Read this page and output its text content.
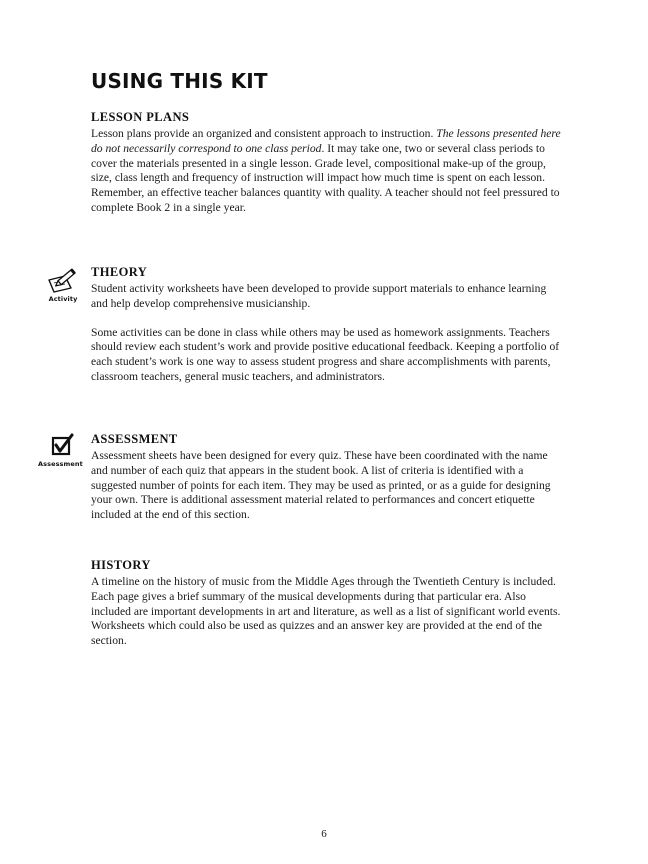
USING THIS KIT
LESSON PLANS

Lesson plans provide an organized and consistent approach to instruction. The lessons presented here do not necessarily correspond to one class period. It may take one, two or several class periods to cover the materials presented in a single lesson. Grade level, compositional make-up of the group, size, class length and frequency of instruction will impact how much time is spent on each lesson. Remember, an effective teacher balances quantity with quality. A teacher should not feel pressured to complete Book 2 in a single year.

Activity
THEORY

Student activity worksheets have been developed to provide support materials to enhance learning and help develop comprehensive musicianship.

Some activities can be done in class while others may be used as homework assignments. Teachers should review each student’s work and provide positive educational feedback. Keeping a portfolio of each student’s work is one way to assess student progress and share accomplishments with parents, classroom teachers, general music teachers, and administrators.

Assessment
ASSESSMENT

Assessment sheets have been designed for every quiz. These have been coordinated with the name and number of each quiz that appears in the student book. A list of criteria is identified with a suggested number of points for each item. They may be used as printed, or as a guide for designing your own. There is additional assessment material related to performances and concert etiquette included at the end of this section.

HISTORY

A timeline on the history of music from the Middle Ages through the Twentieth Century is included. Each page gives a brief summary of the musical developments during that particular era. Also included are important developments in art and literature, as well as a list of significant world events. Worksheets which could also be used as quizzes and an answer key are provided at the end of the section.

6
